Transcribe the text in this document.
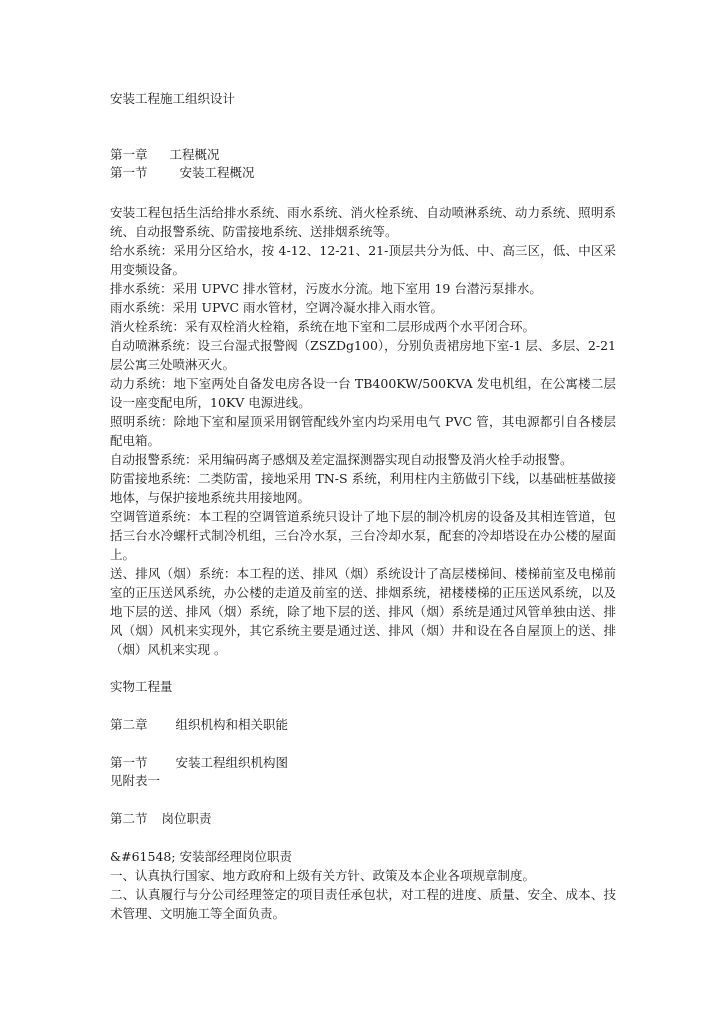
安装工程施工组织设计
第一章 工程概况
第一节	安装工程概况
安装工程包括生活给排水系统、雨水系统、消火栓系统、自动喷淋系统、动力系统、照明系统、自动报警系统、防雷接地系统、送排烟系统等。
给水系统：采用分区给水，按 4-12、12-21、21-顶层共分为低、中、高三区，低、中区采用变频设备。
排水系统：采用 UPVC 排水管材，污废水分流。地下室用 19 台潜污泵排水。
雨水系统：采用 UPVC 雨水管材，空调冷凝水排入雨水管。
消火栓系统：采有双栓消火栓箱，系统在地下室和二层形成两个水平闭合环。
自动喷淋系统：设三台湿式报警阀（ZSZDg100），分别负责裙房地下室-1 层、多层、2-21 层公寓三处喷淋灭火。
动力系统：地下室两处自备发电房各设一台 TB400KW/500KVA 发电机组，在公寓楼二层设一座变配电所，10KV 电源进线。
照明系统：除地下室和屋顶采用钢管配线外室内均采用电气 PVC 管，其电源都引自各楼层配电箱。
自动报警系统：采用编码离子感烟及差定温探测器实现自动报警及消火栓手动报警。
防雷接地系统：二类防雷，接地采用 TN-S 系统，利用柱内主筋做引下线，以基础桩基做接地体，与保护接地系统共用接地网。
空调管道系统：本工程的空调管道系统只设计了地下层的制冷机房的设备及其相连管道，包括三台水冷螺杆式制冷机组，三台冷水泵，三台冷却水泵，配套的冷却塔设在办公楼的屋面上。
送、排风（烟）系统：本工程的送、排风（烟）系统设计了高层楼梯间、楼梯前室及电梯前室的正压送风系统，办公楼的走道及前室的送、排烟系统，裙楼楼梯的正压送风系统，以及地下层的送、排风（烟）系统，除了地下层的送、排风（烟）系统是通过风管单独由送、排风（烟）风机来实现外，其它系统主要是通过送、排风（烟）井和设在各自屋顶上的送、排（烟）风机来实现 。
实物工程量
第二章 组织机构和相关职能
第一节 安装工程组织机构图
见附表一
第二节 岗位职责
&#61548; 安装部经理岗位职责
一、认真执行国家、地方政府和上级有关方针、政策及本企业各项规章制度。
二、认真履行与分公司经理签定的项目责任承包状，对工程的进度、质量、安全、成本、技术管理、文明施工等全面负责。
